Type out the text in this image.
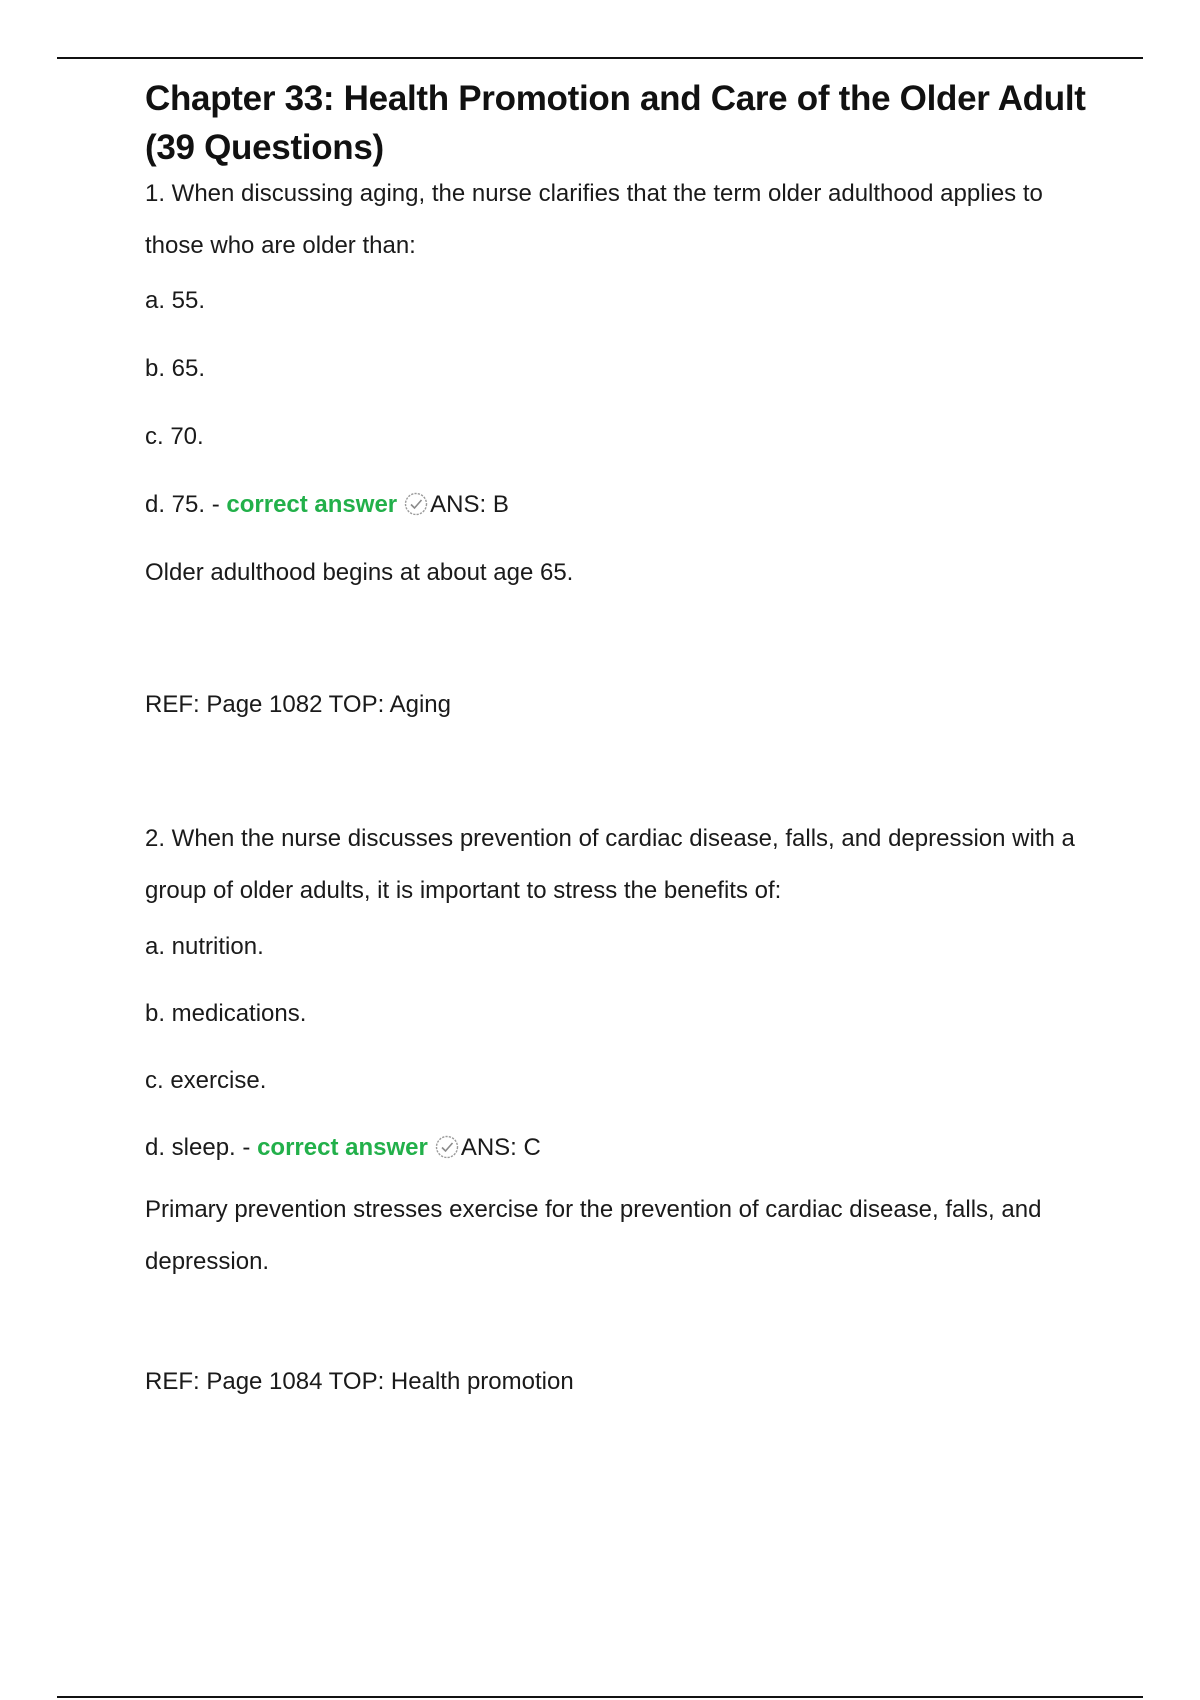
Chapter 33: Health Promotion and Care of the Older Adult (39 Questions)

1. When discussing aging, the nurse clarifies that the term older adulthood applies to those who are older than:

a. 55.

b. 65.

c. 70.

d. 75. - correct answer ANS: B

Older adulthood begins at about age 65.

REF: Page 1082 TOP: Aging

2. When the nurse discusses prevention of cardiac disease, falls, and depression with a group of older adults, it is important to stress the benefits of:

a. nutrition.

b. medications.

c. exercise.

d. sleep. - correct answer ANS: C

Primary prevention stresses exercise for the prevention of cardiac disease, falls, and depression.

REF: Page 1084 TOP: Health promotion
